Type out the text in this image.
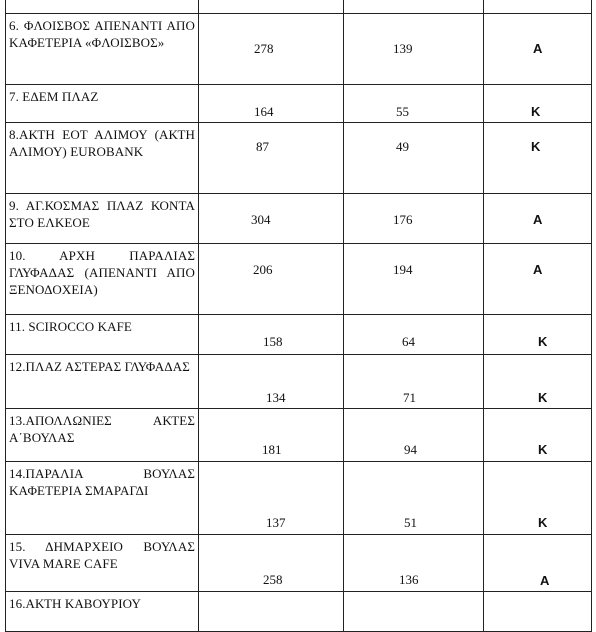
6. ΦΛΟΙΣΒΟΣ ΑΠΕΝΑΝΤΙ ΑΠΟ ΚΑΦΕΤΕΡΙΑ «ΦΛΟΙΣΒΟΣ»	278	139	Α

7. ΕΔΕΜ ΠΛΑΖ	164	55	Κ

8.ΑΚΤΗ ΕΟΤ ΑΛΙΜΟΥ (ΑΚΤΗ ΑΛΙΜΟΥ) EUROBANK	87	49	Κ

9. ΑΓ.ΚΟΣΜΑΣ ΠΛΑΖ ΚΟΝΤΑ ΣΤΟ ΕΛΚΕΟΕ	304	176	Α

10. ΑΡΧΗ ΠΑΡΑΛΙΑΣ ΓΛΥΦΑΔΑΣ (ΑΠΕΝΑΝΤΙ ΑΠΟ ΞΕΝΟΔΟΧΕΙΑ)	206	194	Α

11. SCIROCCO KAFE	158	64	Κ

12.ΠΛΑΖ ΑΣΤΕΡΑΣ ΓΛΥΦΑΔΑΣ	134	71	Κ

13.ΑΠΟΛΛΩΝΙΕΣ ΑΚΤΕΣ Α΄ΒΟΥΛΑΣ	181	94	Κ

14.ΠΑΡΑΛΙΑ ΒΟΥΛΑΣ ΚΑΦΕΤΕΡΙΑ ΣΜΑΡΑΓΔΙ	137	51	Κ

15. ΔΗΜΑΡΧΕΙΟ ΒΟΥΛΑΣ VIVA MARE CAFE	258	136	Α

16.ΑΚΤΗ ΚΑΒΟΥΡΙΟΥ			
